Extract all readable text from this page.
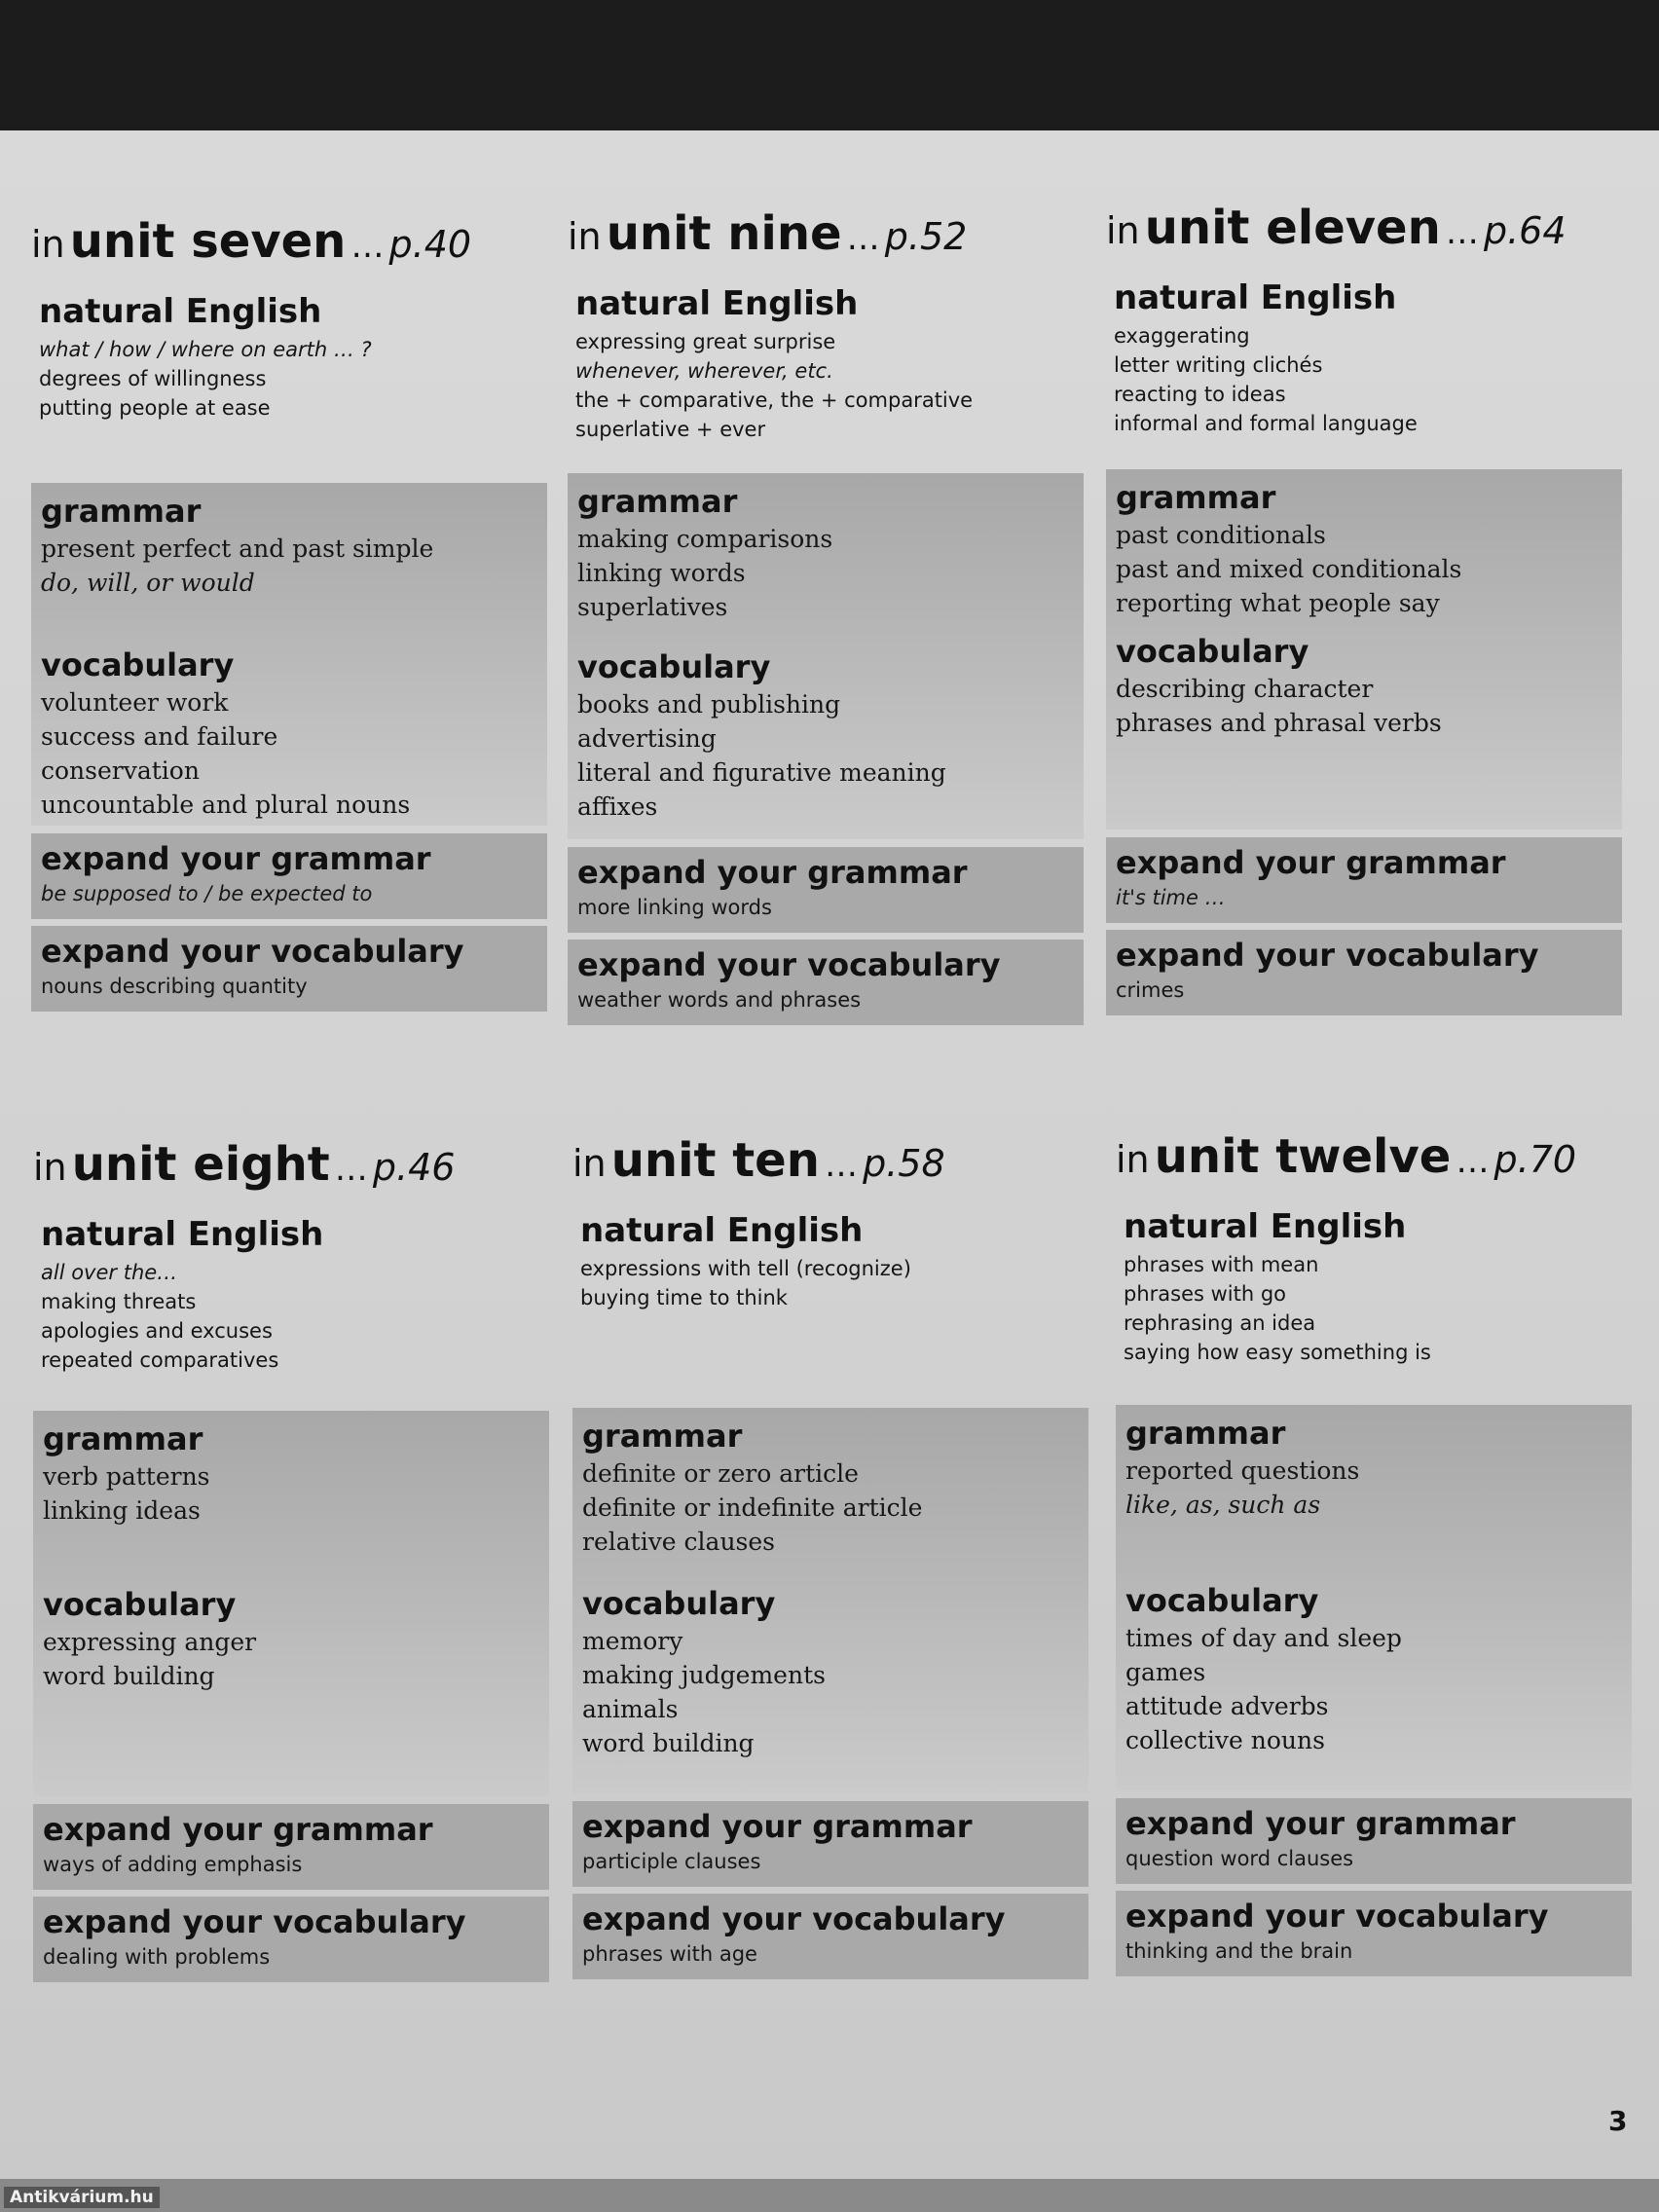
Antikvárium.hu
3
in unit seven … p.40
natural English
what / how / where on earth … ?
degrees of willingness
putting people at ease
grammar
present perfect and past simple
do, will, or would
vocabulary
volunteer work
success and failure
conservation
uncountable and plural nouns
expand your grammar
be supposed to / be expected to
expand your vocabulary
nouns describing quantity
in unit nine … p.52
natural English
expressing great surprise
whenever, wherever, etc.
the + comparative, the + comparative
superlative + ever
grammar
making comparisons
linking words
superlatives
vocabulary
books and publishing
advertising
literal and figurative meaning
affixes
expand your grammar
more linking words
expand your vocabulary
weather words and phrases
in unit eleven … p.64
natural English
exaggerating
letter writing clichés
reacting to ideas
informal and formal language
grammar
past conditionals
past and mixed conditionals
reporting what people say
vocabulary
describing character
phrases and phrasal verbs
expand your grammar
it's time …
expand your vocabulary
crimes
in unit eight … p.46
natural English
all over the…
making threats
apologies and excuses
repeated comparatives
grammar
verb patterns
linking ideas
vocabulary
expressing anger
word building
expand your grammar
ways of adding emphasis
expand your vocabulary
dealing with problems
in unit ten … p.58
natural English
expressions with tell (recognize)
buying time to think
grammar
definite or zero article
definite or indefinite article
relative clauses
vocabulary
memory
making judgements
animals
word building
expand your grammar
participle clauses
expand your vocabulary
phrases with age
in unit twelve … p.70
natural English
phrases with mean
phrases with go
rephrasing an idea
saying how easy something is
grammar
reported questions
like, as, such as
vocabulary
times of day and sleep
games
attitude adverbs
collective nouns
expand your grammar
question word clauses
expand your vocabulary
thinking and the brain
